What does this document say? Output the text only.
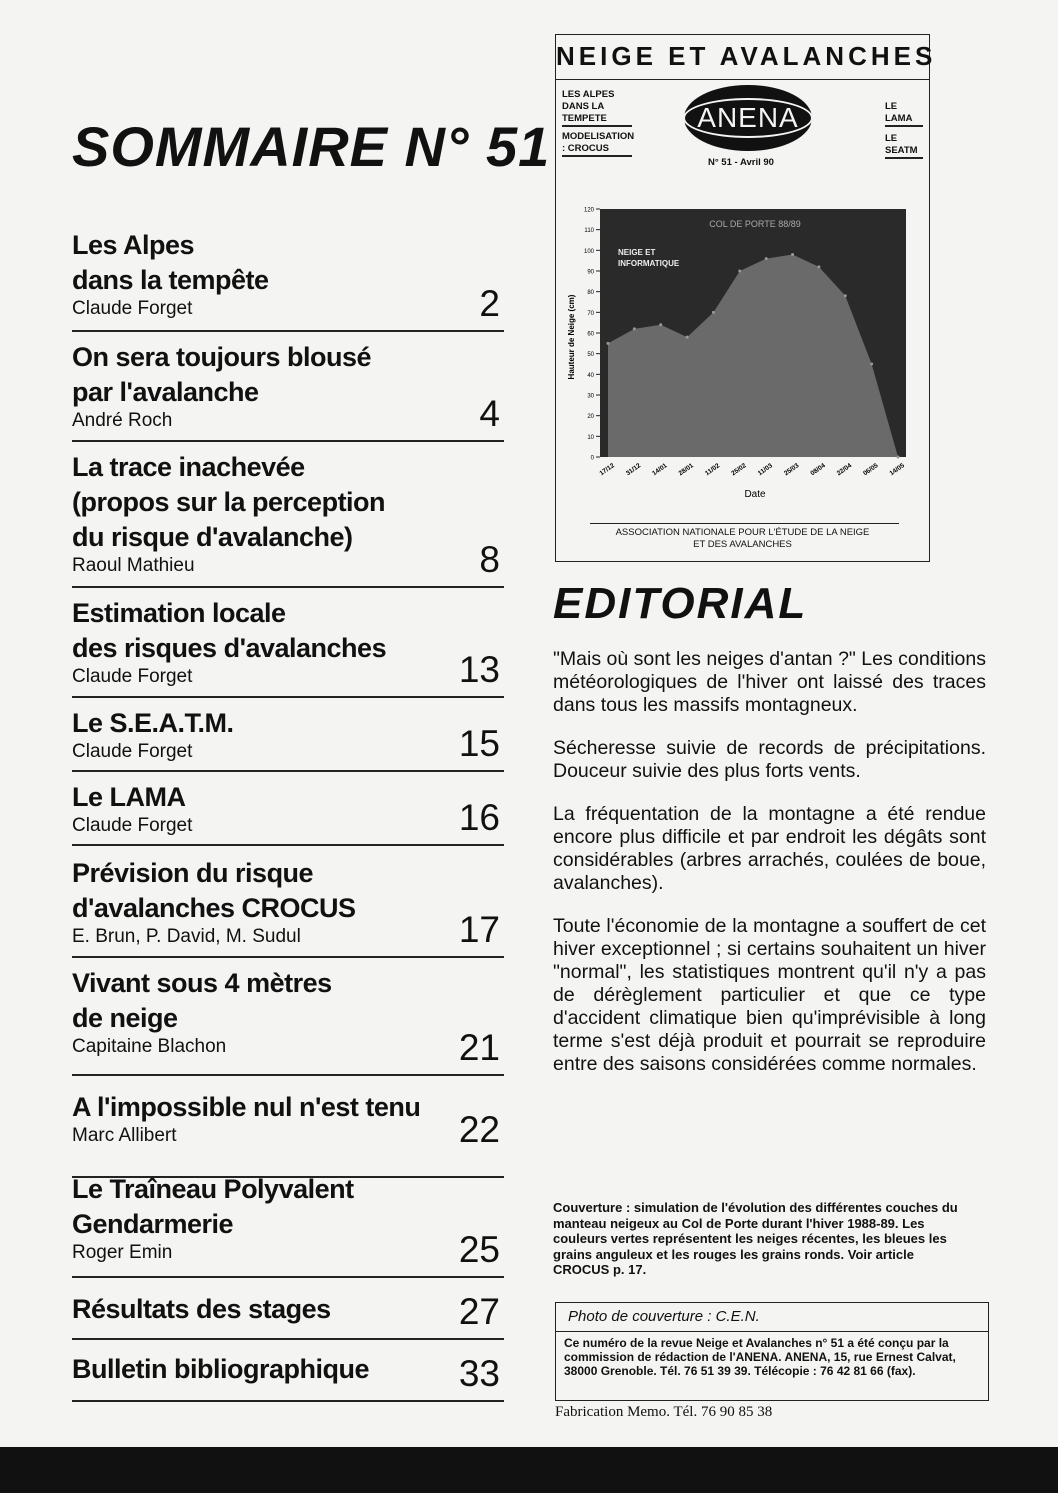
SOMMAIRE N° 51

Les Alpes

dans la tempête

Claude Forget	2

On sera toujours blousé

par l'avalanche

André Roch	4

La trace inachevée

(propos sur la perception

du risque d'avalanche)

Raoul Mathieu	8

Estimation locale

des risques d'avalanches

Claude Forget	13

Le S.E.A.T.M.

Claude Forget	15

Le LAMA

Claude Forget	16

Prévision du risque

d'avalanches CROCUS

E. Brun, P. David, M. Sudul	17

Vivant sous 4 mètres

de neige

Capitaine Blachon	21

A l'impossible nul n'est tenu

Marc Allibert	22

Le Traîneau Polyvalent

Gendarmerie

Roger Emin	25

Résultats des stages	27

Bulletin bibliographique	33
NEIGE ET AVALANCHES
LES ALPES DANS LA TEMPETE
MODELISATION : CROCUS
ANENA	LE LAMA
LE SEATM
N° 51 - Avril 90
COL DE PORTE 88/89
NEIGE ET
INFORMATIQUE
0
10
20
30
40
50
60
70
80
90
100
110
120
17/12 31/12 14/01 28/01 11/02 25/02 11/03 25/03 08/04 22/04 06/05 14/05
Hauteur de Neige (cm)
Date
ASSOCIATION NATIONALE POUR L'ÉTUDE DE LA NEIGE
ET DES AVALANCHES
EDITORIAL

"Mais où sont les neiges d'antan ?" Les conditions météorologiques de l'hiver ont laissé des traces dans tous les massifs montagneux.

Sécheresse suivie de records de précipitations. Douceur suivie des plus forts vents.

La fréquentation de la montagne a été rendue encore plus difficile et par endroit les dégâts sont considérables (arbres arrachés, coulées de boue, avalanches).

Toute l'économie de la montagne a souffert de cet hiver exceptionnel ; si certains souhaitent un hiver "normal", les statistiques montrent qu'il n'y a pas de dérèglement particulier et que ce type d'accident climatique bien qu'imprévisible à long terme s'est déjà produit et pourrait se reproduire entre des saisons considérées comme normales.

Couverture : simulation de l'évolution des différentes couches du manteau neigeux au Col de Porte durant l'hiver 1988-89. Les couleurs vertes représentent les neiges récentes, les bleues les grains anguleux et les rouges les grains ronds. Voir article CROCUS p. 17.

Photo de couverture : C.E.N.

Ce numéro de la revue Neige et Avalanches n° 51 a été conçu par la commission de rédaction de l'ANENA. ANENA, 15, rue Ernest Calvat, 38000 Grenoble. Tél. 76 51 39 39. Télécopie : 76 42 81 66 (fax).

Fabrication Memo. Tél. 76 90 85 38
